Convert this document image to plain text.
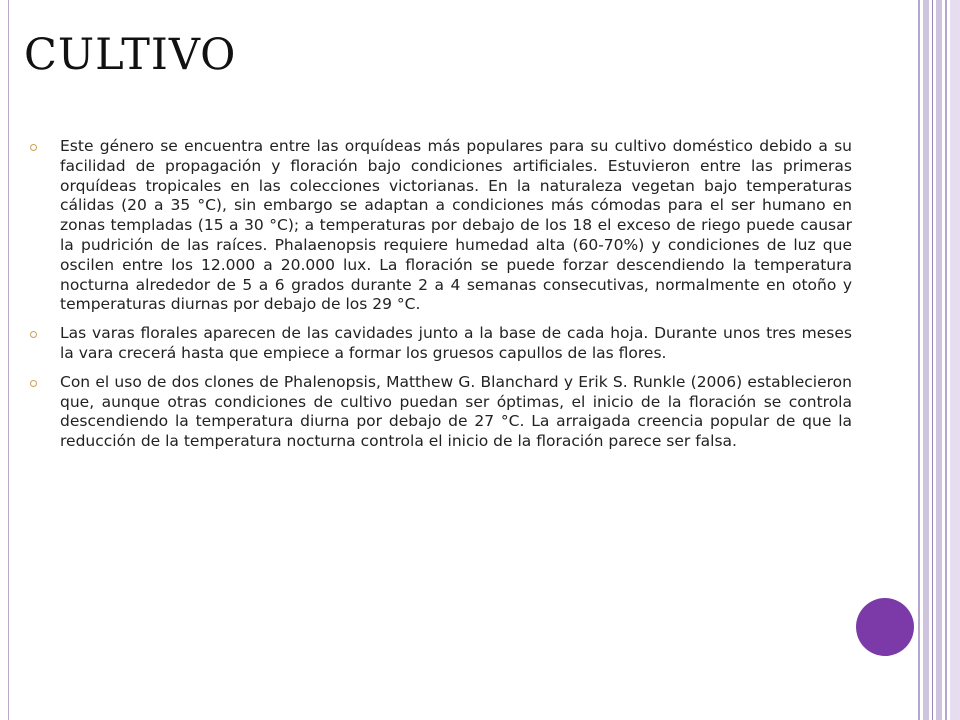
CULTIVO

Este género se encuentra entre las orquídeas más populares para su cultivo doméstico debido a su facilidad de propagación y floración bajo condiciones artificiales. Estuvieron entre las primeras orquídeas tropicales en las colecciones victorianas. En la naturaleza vegetan bajo temperaturas cálidas (20 a 35 °C), sin embargo se adaptan a condiciones más cómodas para el ser humano en zonas templadas (15 a 30 °C); a temperaturas por debajo de los 18 el exceso de riego puede causar la pudrición de las raíces. Phalaenopsis requiere humedad alta (60-70%) y condiciones de luz que oscilen entre los 12.000 a 20.000 lux. La floración se puede forzar descendiendo la temperatura nocturna alrededor de 5 a 6 grados durante 2 a 4 semanas consecutivas, normalmente en otoño y temperaturas diurnas por debajo de los 29 °C.

Las varas florales aparecen de las cavidades junto a la base de cada hoja. Durante unos tres meses la vara crecerá hasta que empiece a formar los gruesos capullos de las flores.

Con el uso de dos clones de Phalenopsis, Matthew G. Blanchard y Erik S. Runkle (2006) establecieron que, aunque otras condiciones de cultivo puedan ser óptimas, el inicio de la floración se controla descendiendo la temperatura diurna por debajo de 27 °C. La arraigada creencia popular de que la reducción de la temperatura nocturna controla el inicio de la floración parece ser falsa.
